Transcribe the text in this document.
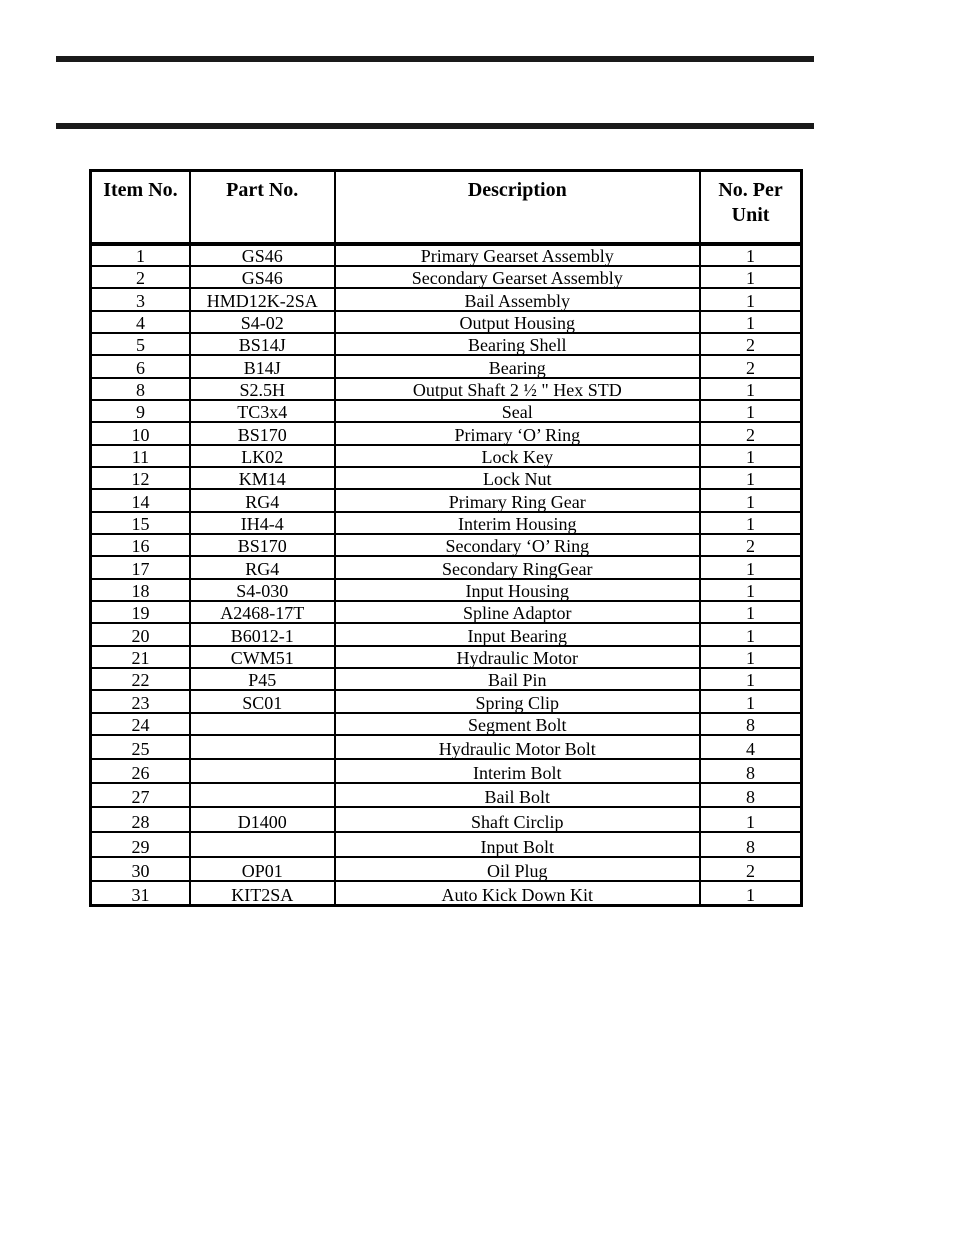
Item No.	Part No.	Description	No. Per Unit
1	GS46	Primary Gearset Assembly	1
2	GS46	Secondary Gearset Assembly	1
3	HMD12K-2SA	Bail Assembly	1
4	S4-02	Output Housing	1
5	BS14J	Bearing Shell	2
6	B14J	Bearing	2
8	S2.5H	Output Shaft 2 ½ " Hex STD	1
9	TC3x4	Seal	1
10	BS170	Primary ‘O’ Ring	2
11	LK02	Lock Key	1
12	KM14	Lock Nut	1
14	RG4	Primary Ring Gear	1
15	IH4-4	Interim Housing	1
16	BS170	Secondary ‘O’ Ring	2
17	RG4	Secondary RingGear	1
18	S4-030	Input Housing	1
19	A2468-17T	Spline Adaptor	1
20	B6012-1	Input Bearing	1
21	CWM51	Hydraulic Motor	1
22	P45	Bail Pin	1
23	SC01	Spring Clip	1
24		Segment Bolt	8
25		Hydraulic Motor Bolt	4
26		Interim Bolt	8
27		Bail Bolt	8
28	D1400	Shaft Circlip	1
29		Input Bolt	8
30	OP01	Oil Plug	2
31	KIT2SA	Auto Kick Down Kit	1
